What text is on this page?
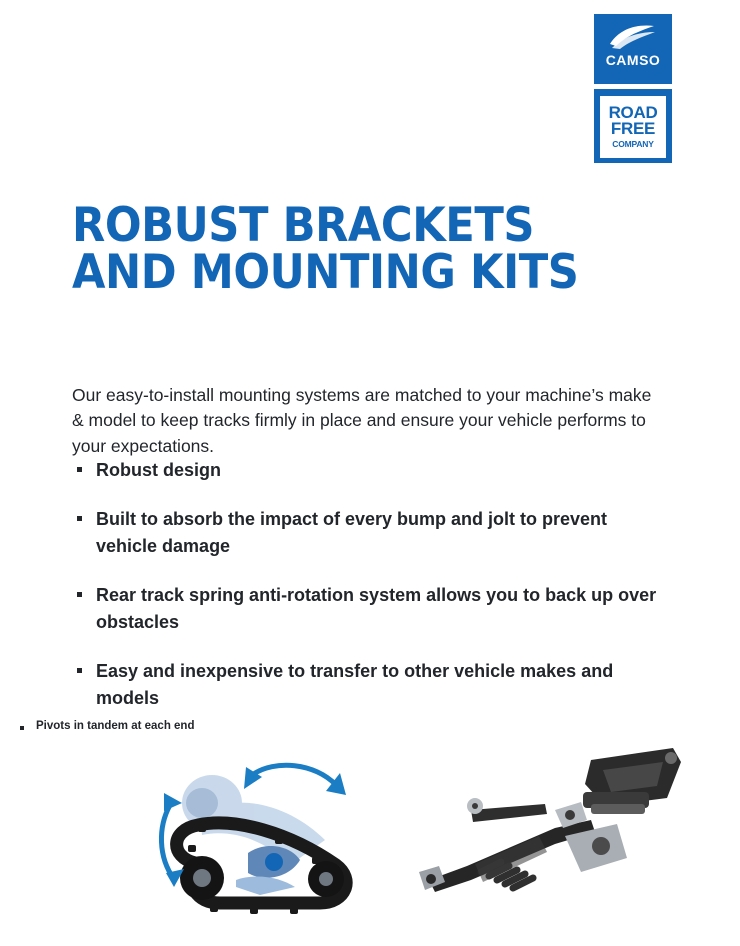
CAMSO
ROAD
FREE
COMPANY
ROBUST BRACKETS
AND MOUNTING KITS

Our easy-to-install mounting systems are matched to your machine’s make & model to keep tracks firmly in place and ensure your vehicle performs to your expectations.

Robust design
Built to absorb the impact of every bump and jolt to prevent vehicle damage
Rear track spring anti-rotation system allows you to back up over obstacles
Easy and inexpensive to transfer to other vehicle makes and models
Pivots in tandem at each end
